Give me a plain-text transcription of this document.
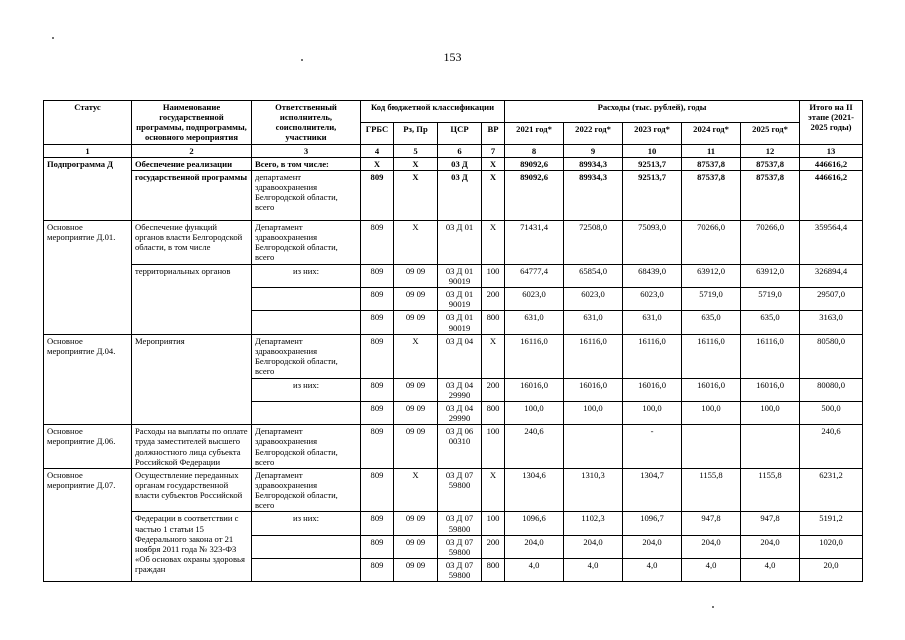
153
Статус	Наименование государственной программы, подпрограммы, основного мероприятия	Ответственный исполнитель, соисполнители, участники	Код бюджетной классификации				Расходы (тыс. рублей), годы					Итого на II этапе (2021-2025 годы)
			ГРБС	Рз, Пр	ЦСР	ВР	2021 год*	2022 год*	2023 год*	2024 год*	2025 год*	
1	2	3	4	5	6	7	8	9	10	11	12	13
Подпрограмма Д	Обеспечение реализации	Всего, в том числе:	X	X	03 Д	X	89092,6	89934,3	92513,7	87537,8	87537,8	446616,2
	государственной программы	департамент здравоохранения Белгородской области, всего	809	X	03 Д	X	89092,6	89934,3	92513,7	87537,8	87537,8	446616,2
Основное мероприятие Д.01.	Обеспечение функций органов власти Белгородской области, в том числе	Департамент здравоохранения Белгородской области, всего	809	X	03 Д 01	X	71431,4	72508,0	75093,0	70266,0	70266,0	359564,4
	территориальных органов	из них:	809	09 09	03 Д 01 90019	100	64777,4	65854,0	68439,0	63912,0	63912,0	326894,4
			809	09 09	03 Д 01 90019	200	6023,0	6023,0	6023,0	5719,0	5719,0	29507,0
			809	09 09	03 Д 01 90019	800	631,0	631,0	631,0	635,0	635,0	3163,0
Основное мероприятие Д.04.	Мероприятия	Департамент здравоохранения Белгородской области, всего	809	X	03 Д 04	X	16116,0	16116,0	16116,0	16116,0	16116,0	80580,0
		из них:	809	09 09	03 Д 04 29990	200	16016,0	16016,0	16016,0	16016,0	16016,0	80080,0
			809	09 09	03 Д 04 29990	800	100,0	100,0	100,0	100,0	100,0	500,0
Основное мероприятие Д.06.	Расходы на выплаты по оплате труда заместителей высшего должностного лица субъекта Российской Федерации	Департамент здравоохранения Белгородской области, всего	809	09 09	03 Д 06 00310	100	240,6		-			240,6
Основное мероприятие Д.07.	Осуществление переданных органам государственной власти субъектов Российской	Департамент здравоохранения Белгородской области, всего	809	X	03 Д 07 59800	X	1304,6	1310,3	1304,7	1155,8	1155,8	6231,2
	Федерации в соответствии с частью 1 статьи 15 Федерального закона от 21 ноября 2011 года № 323-ФЗ «Об основах охраны здоровья граждан	из них:	809	09 09	03 Д 07 59800	100	1096,6	1102,3	1096,7	947,8	947,8	5191,2
			809	09 09	03 Д 07 59800	200	204,0	204,0	204,0	204,0	204,0	1020,0
			809	09 09	03 Д 07 59800	800	4,0	4,0	4,0	4,0	4,0	20,0
